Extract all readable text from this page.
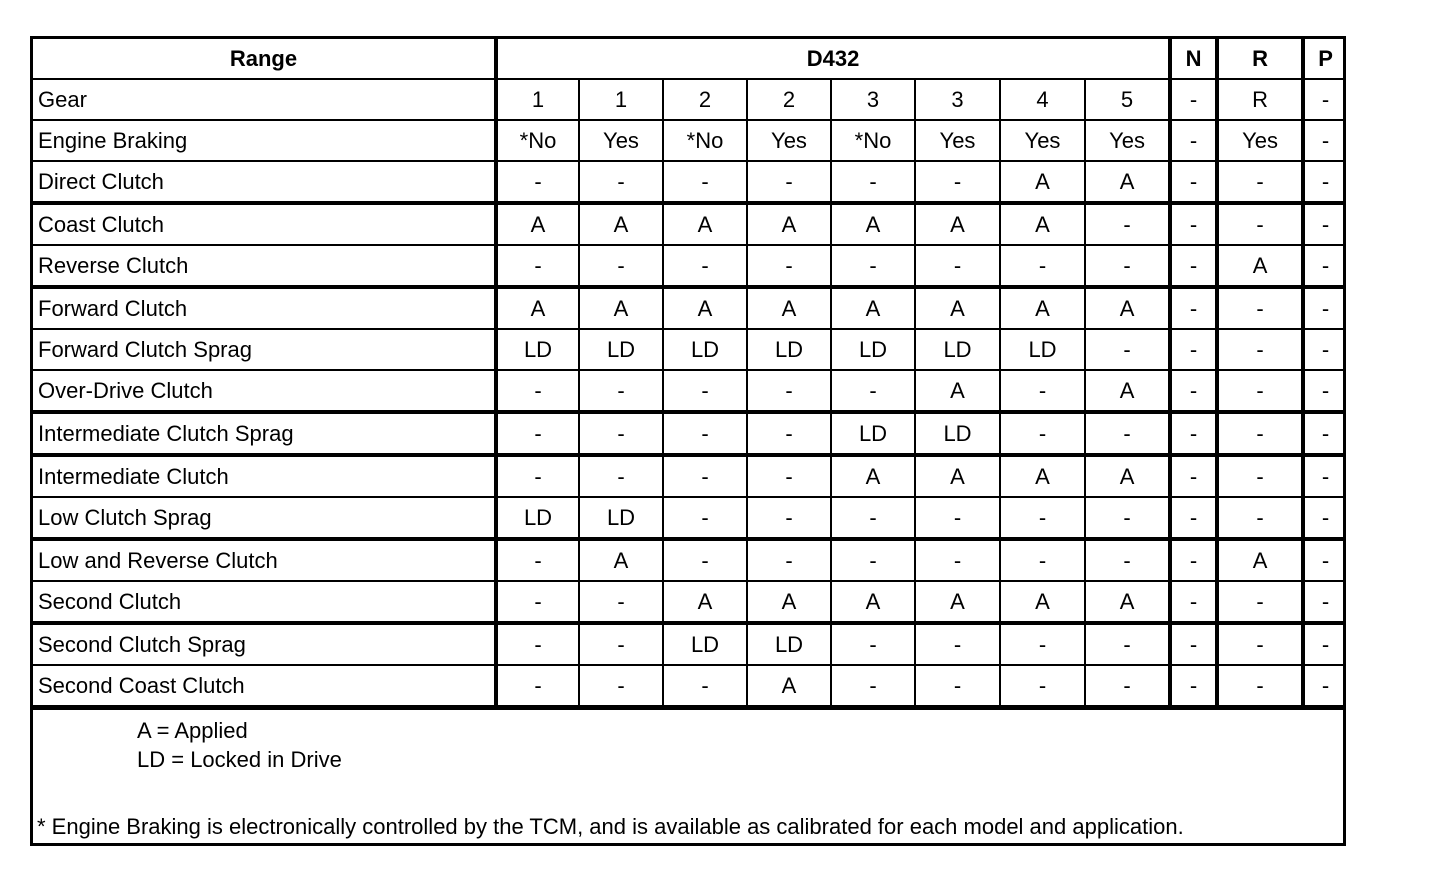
Range	D432								N	R	P
Gear	1	1	2	2	3	3	4	5	-	R	-
Engine Braking	*No	Yes	*No	Yes	*No	Yes	Yes	Yes	-	Yes	-
Direct Clutch	-	-	-	-	-	-	A	A	-	-	-
Coast Clutch	A	A	A	A	A	A	A	-	-	-	-
Reverse Clutch	-	-	-	-	-	-	-	-	-	A	-
Forward Clutch	A	A	A	A	A	A	A	A	-	-	-
Forward Clutch Sprag	LD	LD	LD	LD	LD	LD	LD	-	-	-	-
Over-Drive Clutch	-	-	-	-	-	A	-	A	-	-	-
Intermediate Clutch Sprag	-	-	-	-	LD	LD	-	-	-	-	-
Intermediate Clutch	-	-	-	-	A	A	A	A	-	-	-
Low Clutch Sprag	LD	LD	-	-	-	-	-	-	-	-	-
Low and Reverse Clutch	-	A	-	-	-	-	-	-	-	A	-
Second Clutch	-	-	A	A	A	A	A	A	-	-	-
Second Clutch Sprag	-	-	LD	LD	-	-	-	-	-	-	-
Second Coast Clutch	-	-	-	A	-	-	-	-	-	-	-
A = Applied
LD = Locked in Drive
* Engine Braking is electronically controlled by the TCM, and is available as calibrated for each model and application.
